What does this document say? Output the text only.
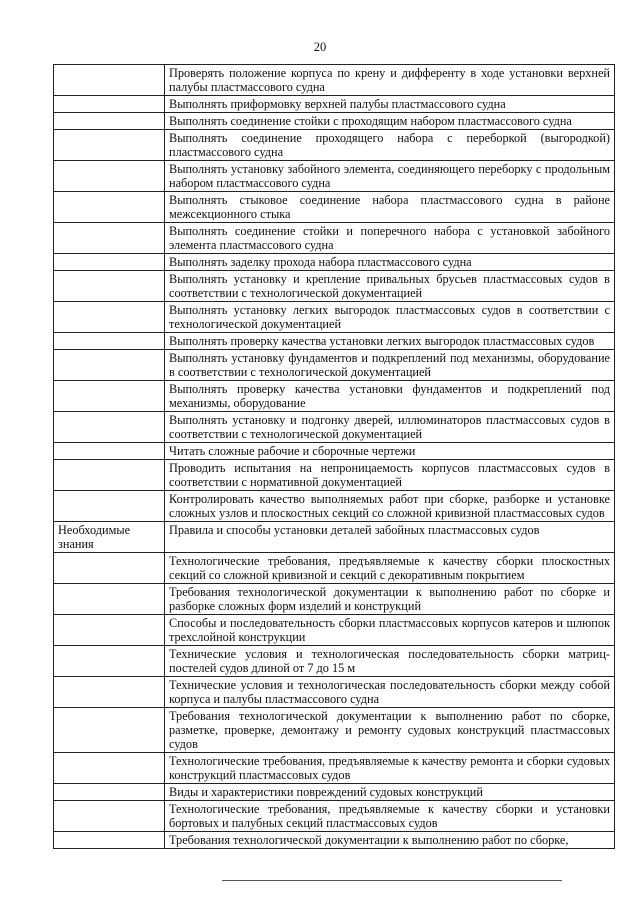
20
	Проверять положение корпуса по крену и дифференту в ходе установки верхней палубы пластмассового судна
	Выполнять приформовку верхней палубы пластмассового судна
	Выполнять соединение стойки с проходящим набором пластмассового судна
	Выполнять соединение проходящего набора с переборкой (выгородкой) пластмассового судна
	Выполнять установку забойного элемента, соединяющего переборку с продольным набором пластмассового судна
	Выполнять стыковое соединение набора пластмассового судна в районе межсекционного стыка
	Выполнять соединение стойки и поперечного набора с установкой забойного элемента пластмассового судна
	Выполнять заделку прохода набора пластмассового судна
	Выполнять установку и крепление привальных брусьев пластмассовых судов в соответствии с технологической документацией
	Выполнять установку легких выгородок пластмассовых судов в соответствии с технологической документацией
	Выполнять проверку качества установки легких выгородок пластмассовых судов
	Выполнять установку фундаментов и подкреплений под механизмы, оборудование в соответствии с технологической документацией
	Выполнять проверку качества установки фундаментов и подкреплений под механизмы, оборудование
	Выполнять установку и подгонку дверей, иллюминаторов пластмассовых судов в соответствии с технологической документацией
	Читать сложные рабочие и сборочные чертежи
	Проводить испытания на непроницаемость корпусов пластмассовых судов в соответствии с нормативной документацией
	Контролировать качество выполняемых работ при сборке, разборке и установке сложных узлов и плоскостных секций со сложной кривизной пластмассовых судов
Необходимые знания	Правила и способы установки деталей забойных пластмассовых судов
	Технологические требования, предъявляемые к качеству сборки плоскостных секций со сложной кривизной и секций с декоративным покрытием
	Требования технологической документации к выполнению работ по сборке и разборке сложных форм изделий и конструкций
	Способы и последовательность сборки пластмассовых корпусов катеров и шлюпок трехслойной конструкции
	Технические условия и технологическая последовательность сборки матриц-постелей судов длиной от 7 до 15 м
	Технические условия и технологическая последовательность сборки между собой корпуса и палубы пластмассового судна
	Требования технологической документации к выполнению работ по сборке, разметке, проверке, демонтажу и ремонту судовых конструкций пластмассовых судов
	Технологические требования, предъявляемые к качеству ремонта и сборки судовых конструкций пластмассовых судов
	Виды и характеристики повреждений судовых конструкций
	Технологические требования, предъявляемые к качеству сборки и установки бортовых и палубных секций пластмассовых судов
	Требования технологической документации к выполнению работ по сборке,
